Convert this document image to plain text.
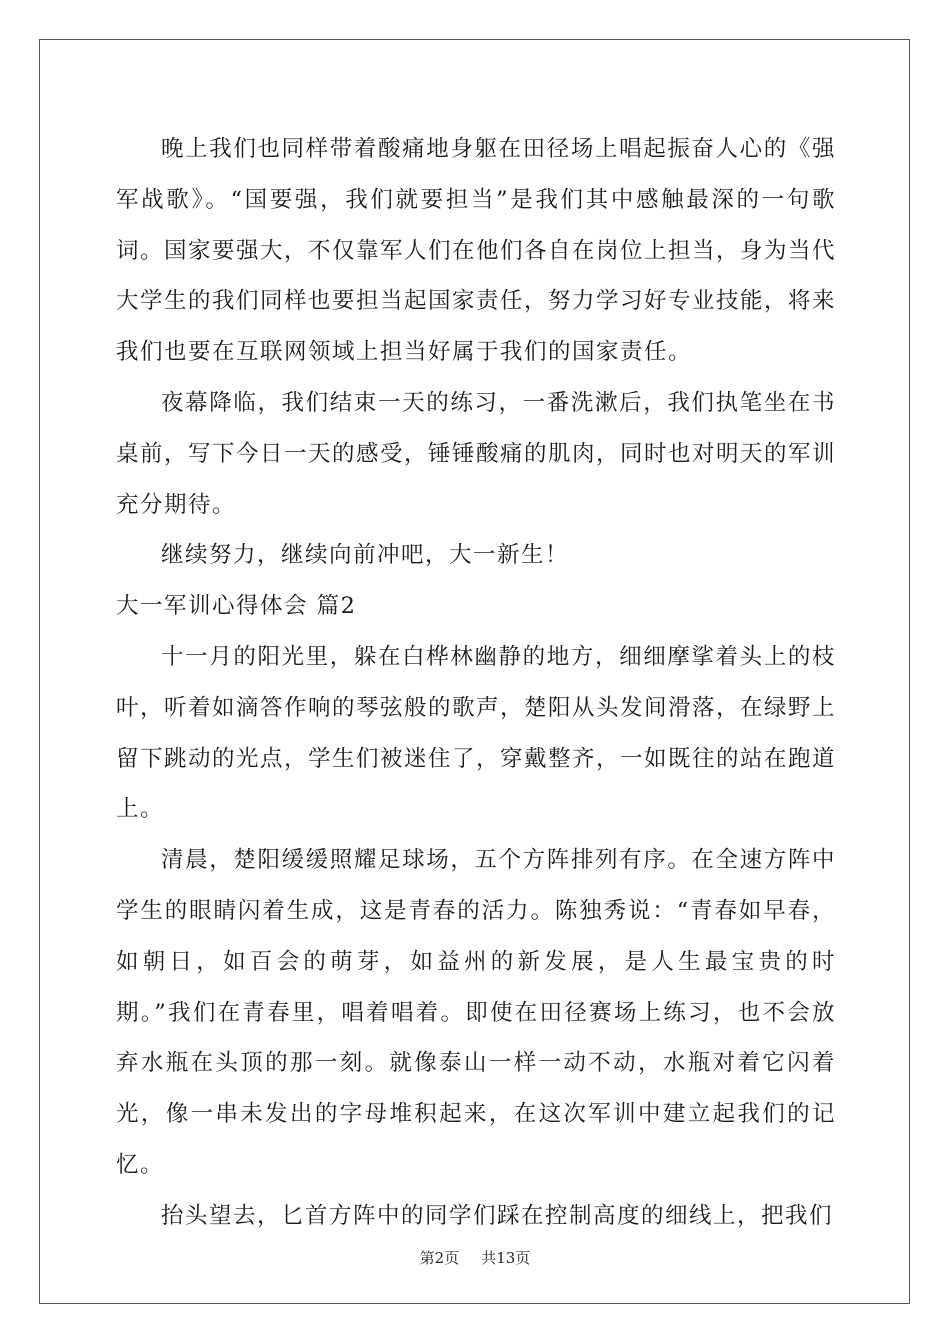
晚上我们也同样带着酸痛地身躯在田径场上唱起振奋人心的《强军战歌》。“国要强，我们就要担当”是我们其中感触最深的一句歌词。国家要强大，不仅靠军人们在他们各自在岗位上担当，身为当代大学生的我们同样也要担当起国家责任，努力学习好专业技能，将来我们也要在互联网领域上担当好属于我们的国家责任。

夜幕降临，我们结束一天的练习，一番洗漱后，我们执笔坐在书桌前，写下今日一天的感受，锤锤酸痛的肌肉，同时也对明天的军训充分期待。

继续努力，继续向前冲吧，大一新生！

大一军训心得体会 篇2

十一月的阳光里，躲在白桦林幽静的地方，细细摩挲着头上的枝叶，听着如滴答作响的琴弦般的歌声，楚阳从头发间滑落，在绿野上留下跳动的光点，学生们被迷住了，穿戴整齐，一如既往的站在跑道上。

清晨，楚阳缓缓照耀足球场，五个方阵排列有序。在全速方阵中学生的眼睛闪着生成，这是青春的活力。陈独秀说：“青春如早春，如朝日，如百会的萌芽，如益州的新发展，是人生最宝贵的时期。”我们在青春里，唱着唱着。即使在田径赛场上练习，也不会放弃水瓶在头顶的那一刻。就像泰山一样一动不动，水瓶对着它闪着光，像一串未发出的字母堆积起来，在这次军训中建立起我们的记忆。

抬头望去，匕首方阵中的同学们踩在控制高度的细线上，把我们

第2页 共13页
